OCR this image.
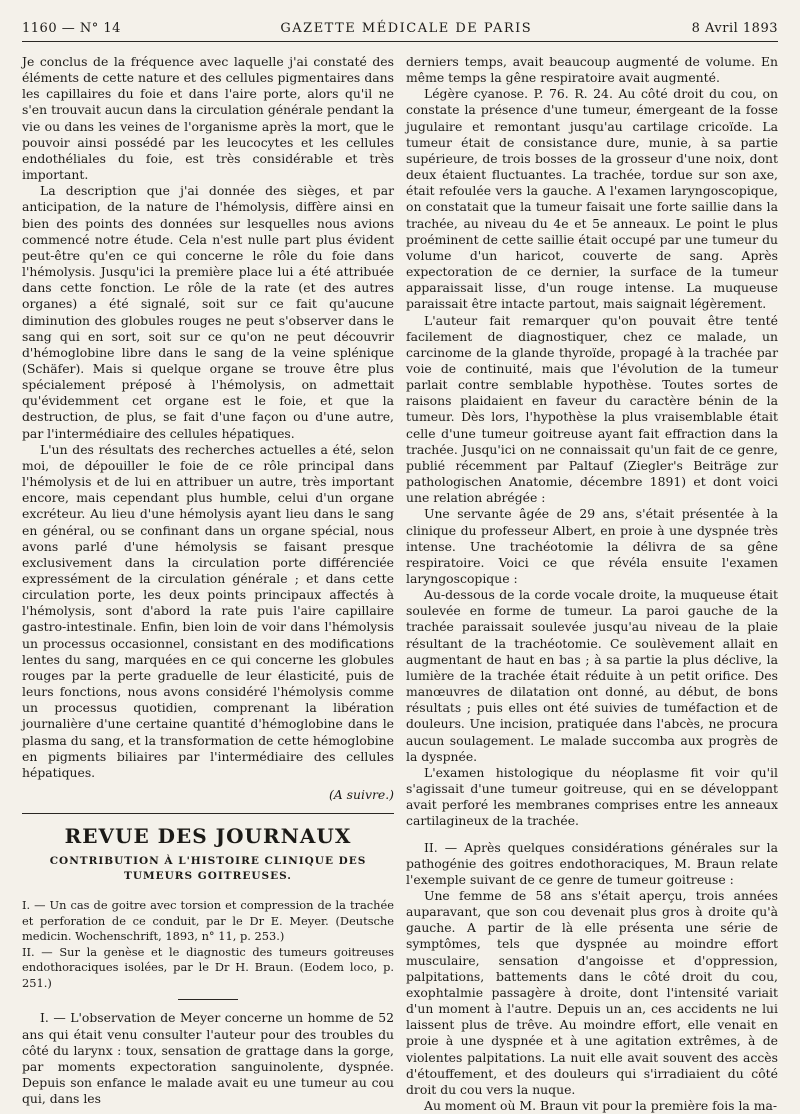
1160 — N° 14	GAZETTE MÉDICALE DE PARIS	8 Avril 1893

Je conclus de la fréquence avec laquelle j'ai constaté des éléments de cette nature et des cellules pigmentaires dans les capillaires du foie et dans l'aire porte, alors qu'il ne s'en trouvait aucun dans la circulation générale pendant la vie ou dans les veines de l'organisme après la mort, que le pouvoir ainsi possédé par les leucocytes et les cellules endothéliales du foie, est très considérable et très important.

La description que j'ai donnée des sièges, et par anticipation, de la nature de l'hémolysis, diffère ainsi en bien des points des données sur lesquelles nous avions commencé notre étude. Cela n'est nulle part plus évident peut-être qu'en ce qui concerne le rôle du foie dans l'hémolysis. Jusqu'ici la première place lui a été attribuée dans cette fonction. Le rôle de la rate (et des autres organes) a été signalé, soit sur ce fait qu'aucune diminution des globules rouges ne peut s'observer dans le sang qui en sort, soit sur ce qu'on ne peut découvrir d'hémoglobine libre dans le sang de la veine splénique (Schäfer). Mais si quelque organe se trouve être plus spécialement préposé à l'hémolysis, on admettait qu'évidemment cet organe est le foie, et que la destruction, de plus, se fait d'une façon ou d'une autre, par l'intermédiaire des cellules hépatiques.

L'un des résultats des recherches actuelles a été, selon moi, de dépouiller le foie de ce rôle principal dans l'hémolysis et de lui en attribuer un autre, très important encore, mais cependant plus humble, celui d'un organe excréteur. Au lieu d'une hémolysis ayant lieu dans le sang en général, ou se confinant dans un organe spécial, nous avons parlé d'une hémolysis se faisant presque exclusivement dans la circulation porte différenciée expressément de la circulation générale ; et dans cette circulation porte, les deux points principaux affectés à l'hémolysis, sont d'abord la rate puis l'aire capillaire gastro-intestinale. Enfin, bien loin de voir dans l'hémolysis un processus occasionnel, consistant en des modifications lentes du sang, marquées en ce qui concerne les globules rouges par la perte graduelle de leur élasticité, puis de leurs fonctions, nous avons considéré l'hémolysis comme un processus quotidien, comprenant la libération journalière d'une certaine quantité d'hémoglobine dans le plasma du sang, et la transformation de cette hémoglobine en pigments biliaires par l'intermédiaire des cellules hépatiques.

(A suivre.)
REVUE DES JOURNAUX
CONTRIBUTION À L'HISTOIRE CLINIQUE DES TUMEURS GOITREUSES.

I. — Un cas de goitre avec torsion et compression de la trachée et perforation de ce conduit, par le Dr E. Meyer. (Deutsche medicin. Wochenschrift, 1893, n° 11, p. 253.)

II. — Sur la genèse et le diagnostic des tumeurs goitreuses endothoraciques isolées, par le Dr H. Braun. (Eodem loco, p. 251.)

I. — L'observation de Meyer concerne un homme de 52 ans qui était venu consulter l'auteur pour des troubles du côté du larynx : toux, sensation de grattage dans la gorge, par moments expectoration sanguinolente, dyspnée. Depuis son enfance le malade avait eu une tumeur au cou qui, dans les

derniers temps, avait beaucoup augmenté de volume. En même temps la gêne respiratoire avait augmenté.

Légère cyanose. P. 76. R. 24. Au côté droit du cou, on constate la présence d'une tumeur, émergeant de la fosse jugulaire et remontant jusqu'au cartilage cricoïde. La tumeur était de consistance dure, munie, à sa partie supérieure, de trois bosses de la grosseur d'une noix, dont deux étaient fluctuantes. La trachée, tordue sur son axe, était refoulée vers la gauche. A l'examen laryngoscopique, on constatait que la tumeur faisait une forte saillie dans la trachée, au niveau du 4e et 5e anneaux. Le point le plus proéminent de cette saillie était occupé par une tumeur du volume d'un haricot, couverte de sang. Après expectoration de ce dernier, la surface de la tumeur apparaissait lisse, d'un rouge intense. La muqueuse paraissait être intacte partout, mais saignait légèrement.

L'auteur fait remarquer qu'on pouvait être tenté facilement de diagnostiquer, chez ce malade, un carcinome de la glande thyroïde, propagé à la trachée par voie de continuité, mais que l'évolution de la tumeur parlait contre semblable hypothèse. Toutes sortes de raisons plaidaient en faveur du caractère bénin de la tumeur. Dès lors, l'hypothèse la plus vraisemblable était celle d'une tumeur goitreuse ayant fait effraction dans la trachée. Jusqu'ici on ne connaissait qu'un fait de ce genre, publié récemment par Paltauf (Ziegler's Beiträge zur pathologischen Anatomie, décembre 1891) et dont voici une relation abrégée :

Une servante âgée de 29 ans, s'était présentée à la clinique du professeur Albert, en proie à une dyspnée très intense. Une trachéotomie la délivra de sa gêne respiratoire. Voici ce que révéla ensuite l'examen laryngoscopique :

Au-dessous de la corde vocale droite, la muqueuse était soulevée en forme de tumeur. La paroi gauche de la trachée paraissait soulevée jusqu'au niveau de la plaie résultant de la trachéotomie. Ce soulèvement allait en augmentant de haut en bas ; à sa partie la plus déclive, la lumière de la trachée était réduite à un petit orifice. Des manœuvres de dilatation ont donné, au début, de bons résultats ; puis elles ont été suivies de tuméfaction et de douleurs. Une incision, pratiquée dans l'abcès, ne procura aucun soulagement. Le malade succomba aux progrès de la dyspnée.

L'examen histologique du néoplasme fit voir qu'il s'agissait d'une tumeur goitreuse, qui en se développant avait perforé les membranes comprises entre les anneaux cartilagineux de la trachée.

II. — Après quelques considérations générales sur la pathogénie des goitres endothoraciques, M. Braun relate l'exemple suivant de ce genre de tumeur goitreuse :

Une femme de 58 ans s'était aperçu, trois années auparavant, que son cou devenait plus gros à droite qu'à gauche. A partir de là elle présenta une série de symptômes, tels que dyspnée au moindre effort musculaire, sensation d'angoisse et d'oppression, palpitations, battements dans le côté droit du cou, exophtalmie passagère à droite, dont l'intensité variait d'un moment à l'autre. Depuis un an, ces accidents ne lui laissent plus de trêve. Au moindre effort, elle venait en proie à une dyspnée et à une agitation extrêmes, à de violentes palpitations. La nuit elle avait souvent des accès d'étouffement, et des douleurs qui s'irradiaient du côté droit du cou vers la nuque.

Au moment où M. Braun vit pour la première fois la ma-
